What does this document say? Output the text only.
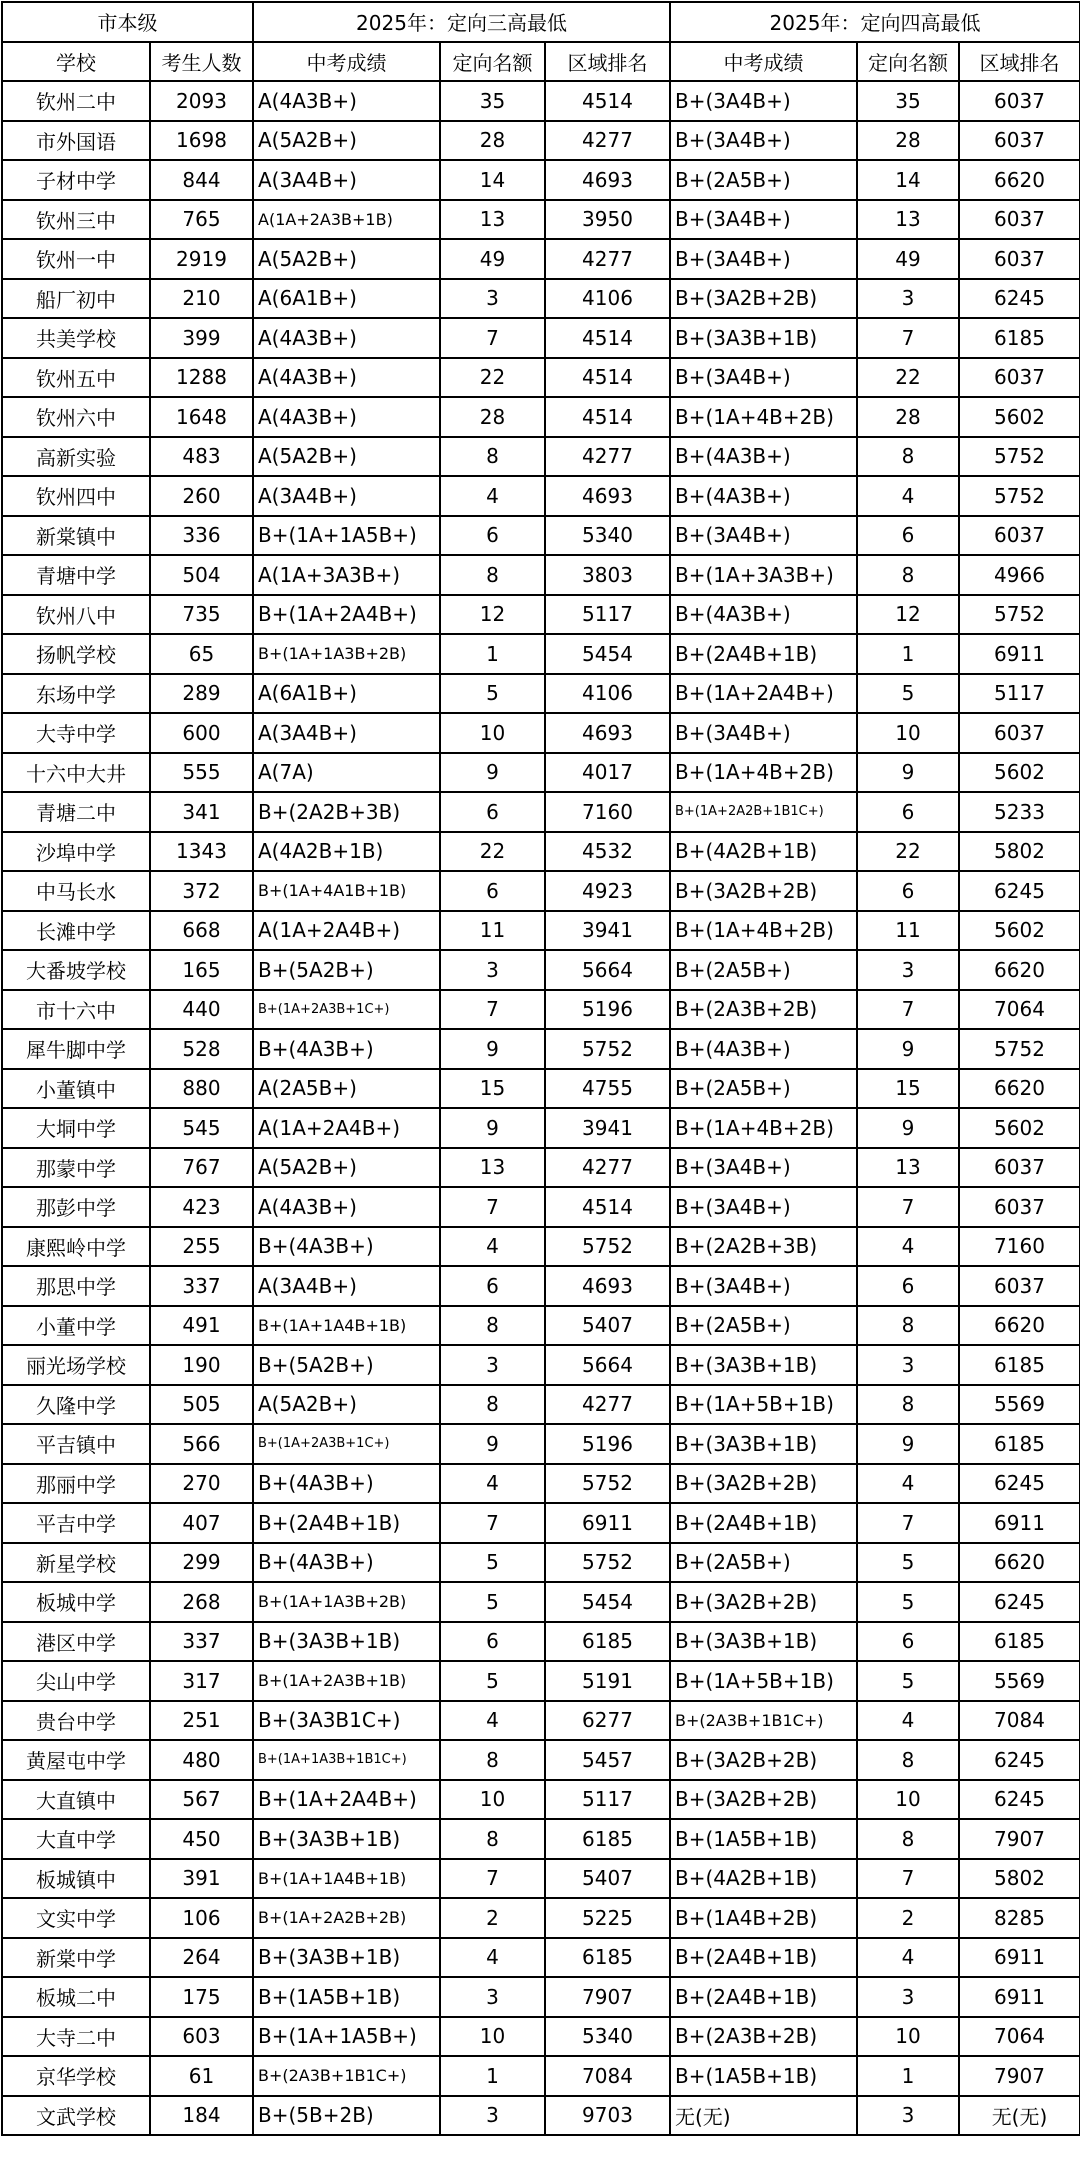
市本级		2025年：定向三高最低			2025年：定向四高最低		
学校	考生人数	中考成绩	定向名额	区域排名	中考成绩	定向名额	区域排名
钦州二中	2093	A(4A3B+)	35	4514	B+(3A4B+)	35	6037
市外国语	1698	A(5A2B+)	28	4277	B+(3A4B+)	28	6037
子材中学	844	A(3A4B+)	14	4693	B+(2A5B+)	14	6620
钦州三中	765	A(1A+2A3B+1B)	13	3950	B+(3A4B+)	13	6037
钦州一中	2919	A(5A2B+)	49	4277	B+(3A4B+)	49	6037
船厂初中	210	A(6A1B+)	3	4106	B+(3A2B+2B)	3	6245
共美学校	399	A(4A3B+)	7	4514	B+(3A3B+1B)	7	6185
钦州五中	1288	A(4A3B+)	22	4514	B+(3A4B+)	22	6037
钦州六中	1648	A(4A3B+)	28	4514	B+(1A+4B+2B)	28	5602
高新实验	483	A(5A2B+)	8	4277	B+(4A3B+)	8	5752
钦州四中	260	A(3A4B+)	4	4693	B+(4A3B+)	4	5752
新棠镇中	336	B+(1A+1A5B+)	6	5340	B+(3A4B+)	6	6037
青塘中学	504	A(1A+3A3B+)	8	3803	B+(1A+3A3B+)	8	4966
钦州八中	735	B+(1A+2A4B+)	12	5117	B+(4A3B+)	12	5752
扬帆学校	65	B+(1A+1A3B+2B)	1	5454	B+(2A4B+1B)	1	6911
东场中学	289	A(6A1B+)	5	4106	B+(1A+2A4B+)	5	5117
大寺中学	600	A(3A4B+)	10	4693	B+(3A4B+)	10	6037
十六中大井	555	A(7A)	9	4017	B+(1A+4B+2B)	9	5602
青塘二中	341	B+(2A2B+3B)	6	7160	B+(1A+2A2B+1B1C+)	6	5233
沙埠中学	1343	A(4A2B+1B)	22	4532	B+(4A2B+1B)	22	5802
中马长水	372	B+(1A+4A1B+1B)	6	4923	B+(3A2B+2B)	6	6245
长滩中学	668	A(1A+2A4B+)	11	3941	B+(1A+4B+2B)	11	5602
大番坡学校	165	B+(5A2B+)	3	5664	B+(2A5B+)	3	6620
市十六中	440	B+(1A+2A3B+1C+)	7	5196	B+(2A3B+2B)	7	7064
犀牛脚中学	528	B+(4A3B+)	9	5752	B+(4A3B+)	9	5752
小董镇中	880	A(2A5B+)	15	4755	B+(2A5B+)	15	6620
大垌中学	545	A(1A+2A4B+)	9	3941	B+(1A+4B+2B)	9	5602
那蒙中学	767	A(5A2B+)	13	4277	B+(3A4B+)	13	6037
那彭中学	423	A(4A3B+)	7	4514	B+(3A4B+)	7	6037
康熙岭中学	255	B+(4A3B+)	4	5752	B+(2A2B+3B)	4	7160
那思中学	337	A(3A4B+)	6	4693	B+(3A4B+)	6	6037
小董中学	491	B+(1A+1A4B+1B)	8	5407	B+(2A5B+)	8	6620
丽光场学校	190	B+(5A2B+)	3	5664	B+(3A3B+1B)	3	6185
久隆中学	505	A(5A2B+)	8	4277	B+(1A+5B+1B)	8	5569
平吉镇中	566	B+(1A+2A3B+1C+)	9	5196	B+(3A3B+1B)	9	6185
那丽中学	270	B+(4A3B+)	4	5752	B+(3A2B+2B)	4	6245
平吉中学	407	B+(2A4B+1B)	7	6911	B+(2A4B+1B)	7	6911
新星学校	299	B+(4A3B+)	5	5752	B+(2A5B+)	5	6620
板城中学	268	B+(1A+1A3B+2B)	5	5454	B+(3A2B+2B)	5	6245
港区中学	337	B+(3A3B+1B)	6	6185	B+(3A3B+1B)	6	6185
尖山中学	317	B+(1A+2A3B+1B)	5	5191	B+(1A+5B+1B)	5	5569
贵台中学	251	B+(3A3B1C+)	4	6277	B+(2A3B+1B1C+)	4	7084
黄屋屯中学	480	B+(1A+1A3B+1B1C+)	8	5457	B+(3A2B+2B)	8	6245
大直镇中	567	B+(1A+2A4B+)	10	5117	B+(3A2B+2B)	10	6245
大直中学	450	B+(3A3B+1B)	8	6185	B+(1A5B+1B)	8	7907
板城镇中	391	B+(1A+1A4B+1B)	7	5407	B+(4A2B+1B)	7	5802
文实中学	106	B+(1A+2A2B+2B)	2	5225	B+(1A4B+2B)	2	8285
新棠中学	264	B+(3A3B+1B)	4	6185	B+(2A4B+1B)	4	6911
板城二中	175	B+(1A5B+1B)	3	7907	B+(2A4B+1B)	3	6911
大寺二中	603	B+(1A+1A5B+)	10	5340	B+(2A3B+2B)	10	7064
京华学校	61	B+(2A3B+1B1C+)	1	7084	B+(1A5B+1B)	1	7907
文武学校	184	B+(5B+2B)	3	9703	无(无)	3	无(无)
